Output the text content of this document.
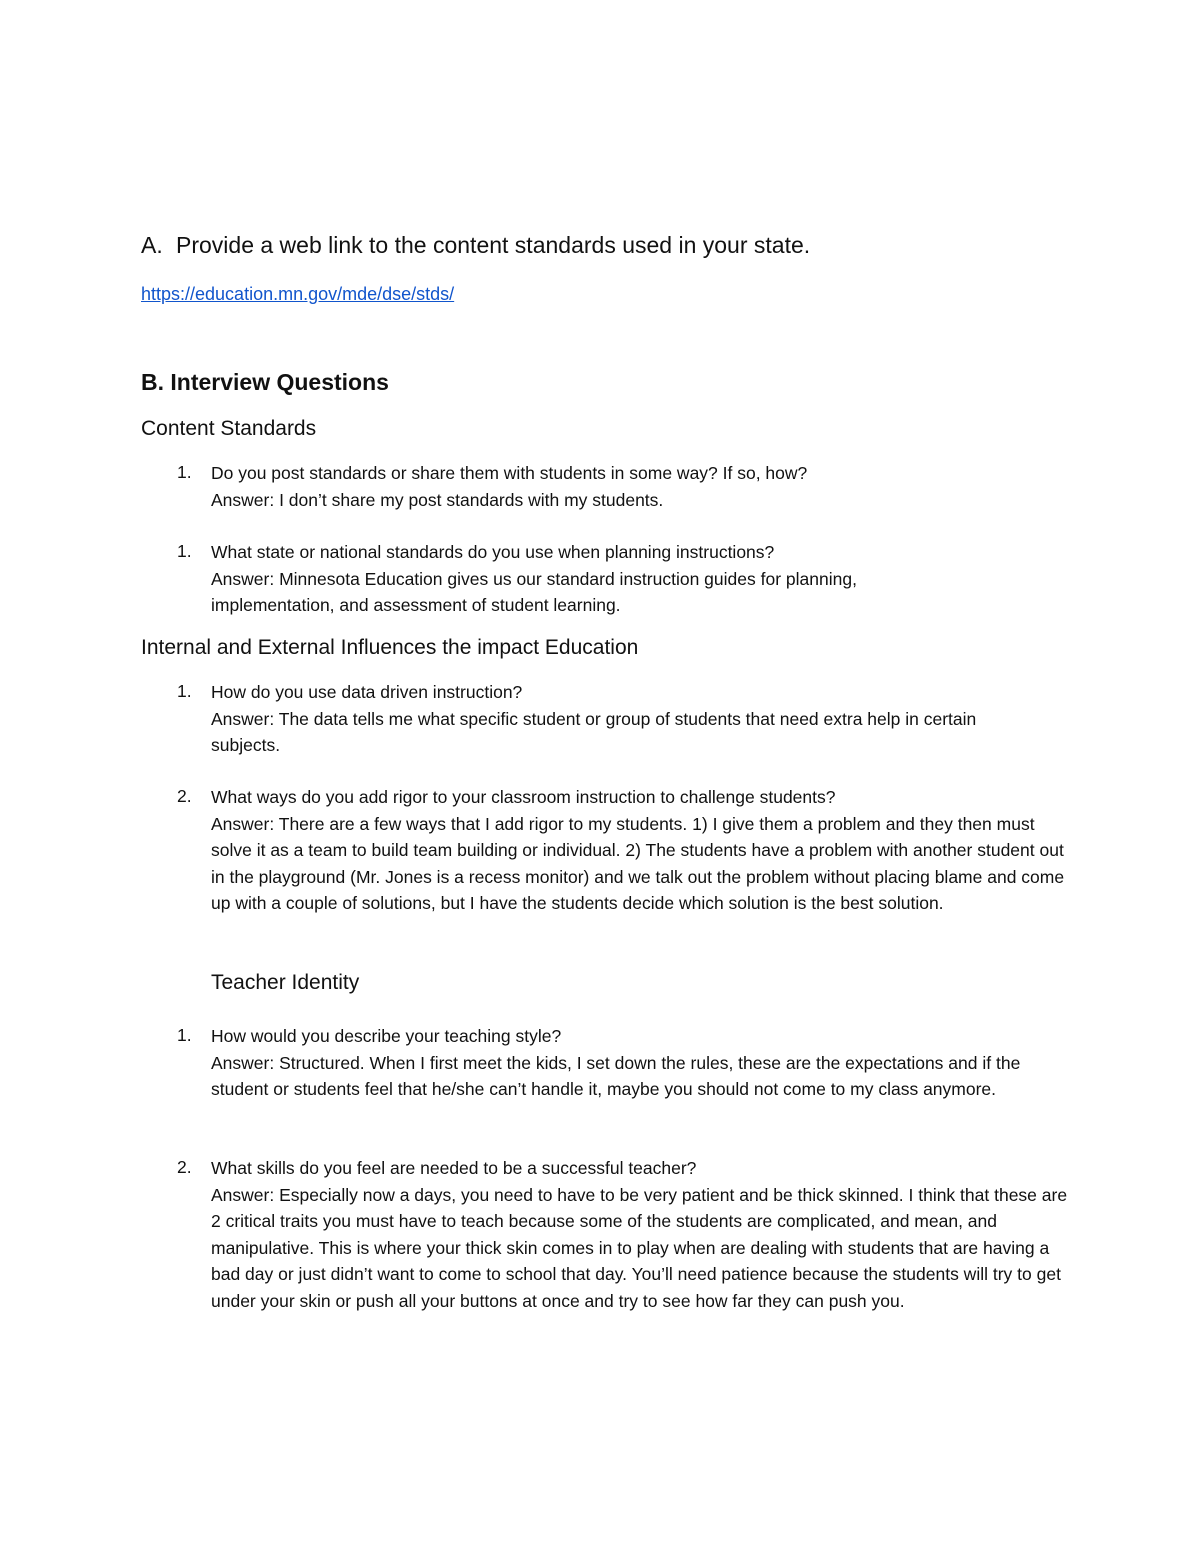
A. Provide a web link to the content standards used in your state.
https://education.mn.gov/mde/dse/stds/
B. Interview Questions
Content Standards
1.	Do you post standards or share them with students in some way? If so, how?
Answer: I don’t share my post standards with my students.
1.	What state or national standards do you use when planning instructions?
Answer: Minnesota Education gives us our standard instruction guides for planning, implementation, and assessment of student learning.
Internal and External Influences the impact Education
1.	How do you use data driven instruction?
Answer: The data tells me what specific student or group of students that need extra help in certain subjects.
2.	What ways do you add rigor to your classroom instruction to challenge students?
Answer: There are a few ways that I add rigor to my students. 1) I give them a problem and they then must solve it as a team to build team building or individual. 2) The students have a problem with another student out in the playground (Mr. Jones is a recess monitor) and we talk out the problem without placing blame and come up with a couple of solutions, but I have the students decide which solution is the best solution.
Teacher Identity
1.	How would you describe your teaching style?
Answer: Structured. When I first meet the kids, I set down the rules, these are the expectations and if the student or students feel that he/she can’t handle it, maybe you should not come to my class anymore.
2.	What skills do you feel are needed to be a successful teacher?
Answer: Especially now a days, you need to have to be very patient and be thick skinned. I think that these are 2 critical traits you must have to teach because some of the students are complicated, and mean, and manipulative. This is where your thick skin comes in to play when are dealing with students that are having a bad day or just didn’t want to come to school that day. You’ll need patience because the students will try to get under your skin or push all your buttons at once and try to see how far they can push you.
